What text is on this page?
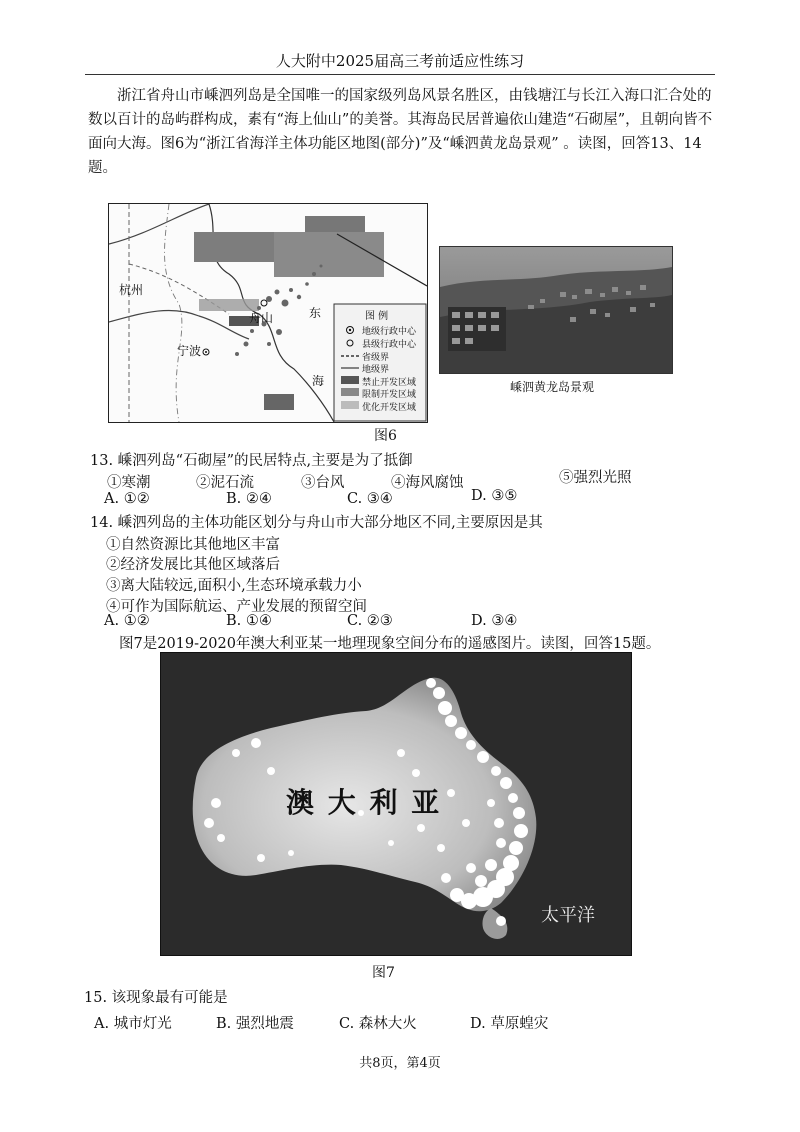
人大附中2025届高三考前适应性练习

浙江省舟山市嵊泗列岛是全国唯一的国家级列岛风景名胜区，由钱塘江与长江入海口汇合处的数以百计的岛屿群构成，素有“海上仙山”的美誉。其海岛民居普遍依山建造“石砌屋”，且朝向皆不面向大海。图6为“浙江省海洋主体功能区地图(部分)”及“嵊泗黄龙岛景观” 。读图，回答13、14题。

杭州
宁波
舟山	东
海
图 例
地级行政中心
县级行政中心
省级界
地级界
禁止开发区域
限制开发区域
优化开发区域
嵊泗黄龙岛景观
图6
13. 嵊泗列岛“石砌屋”的民居特点,主要是为了抵御
①寒潮	②泥石流	③台风	④海风腐蚀	⑤强烈光照
A. ①②	B. ②④	C. ③④	D. ③⑤
14. 嵊泗列岛的主体功能区划分与舟山市大部分地区不同,主要原因是其
①自然资源比其他地区丰富
②经济发展比其他区域落后
③离大陆较远,面积小,生态环境承载力小
④可作为国际航运、产业发展的预留空间
A. ①②	B. ①④	C. ②③	D. ③④
图7是2019-2020年澳大利亚某一地理现象空间分布的遥感图片。读图，回答15题。
澳 大 利 亚
太平洋
图7
15. 该现象最有可能是
A. 城市灯光	B. 强烈地震	C. 森林大火	D. 草原蝗灾
共8页，第4页
